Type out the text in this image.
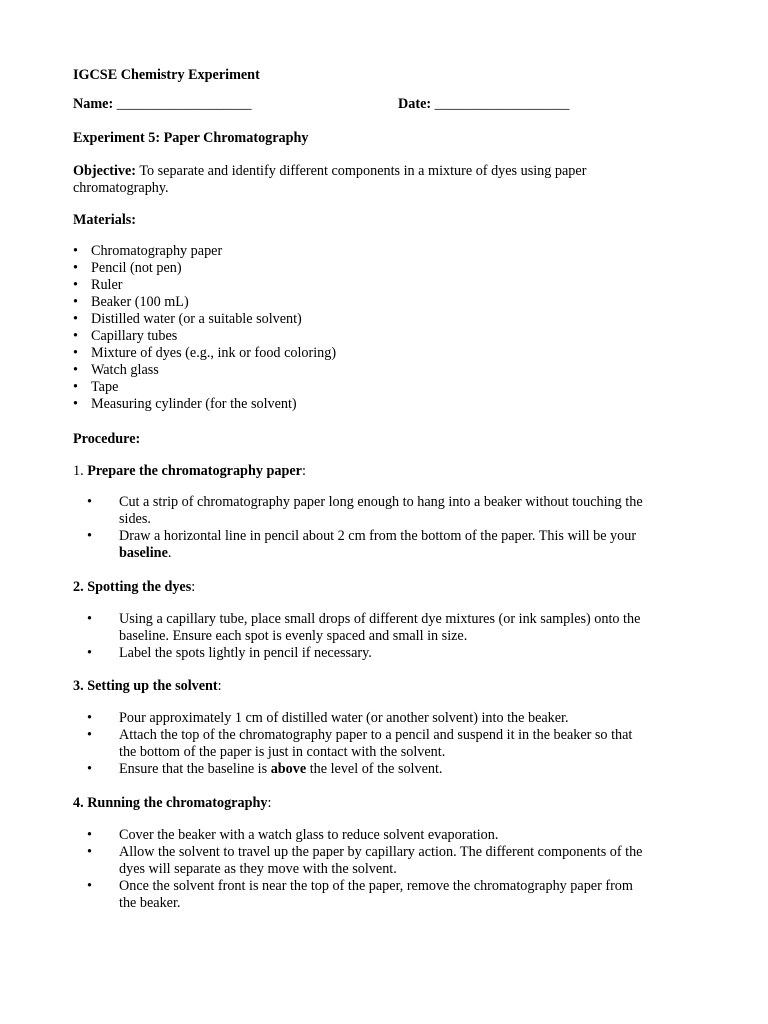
IGCSE Chemistry Experiment
Name: ___________________	Date: ___________________
Experiment 5: Paper Chromatography
Objective: To separate and identify different components in a mixture of dyes using paper chromatography.
Materials:
• Chromatography paper
• Pencil (not pen)
• Ruler
• Beaker (100 mL)
• Distilled water (or a suitable solvent)
• Capillary tubes
• Mixture of dyes (e.g., ink or food coloring)
• Watch glass
• Tape
• Measuring cylinder (for the solvent)
Procedure:
1. Prepare the chromatography paper:
• Cut a strip of chromatography paper long enough to hang into a beaker without touching the
sides.
• Draw a horizontal line in pencil about 2 cm from the bottom of the paper. This will be your
baseline.
2. Spotting the dyes:
• Using a capillary tube, place small drops of different dye mixtures (or ink samples) onto the
baseline. Ensure each spot is evenly spaced and small in size.
• Label the spots lightly in pencil if necessary.
3. Setting up the solvent:
• Pour approximately 1 cm of distilled water (or another solvent) into the beaker.
• Attach the top of the chromatography paper to a pencil and suspend it in the beaker so that
the bottom of the paper is just in contact with the solvent.
• Ensure that the baseline is above the level of the solvent.
4. Running the chromatography:
• Cover the beaker with a watch glass to reduce solvent evaporation.
• Allow the solvent to travel up the paper by capillary action. The different components of the
dyes will separate as they move with the solvent.
• Once the solvent front is near the top of the paper, remove the chromatography paper from
the beaker.
